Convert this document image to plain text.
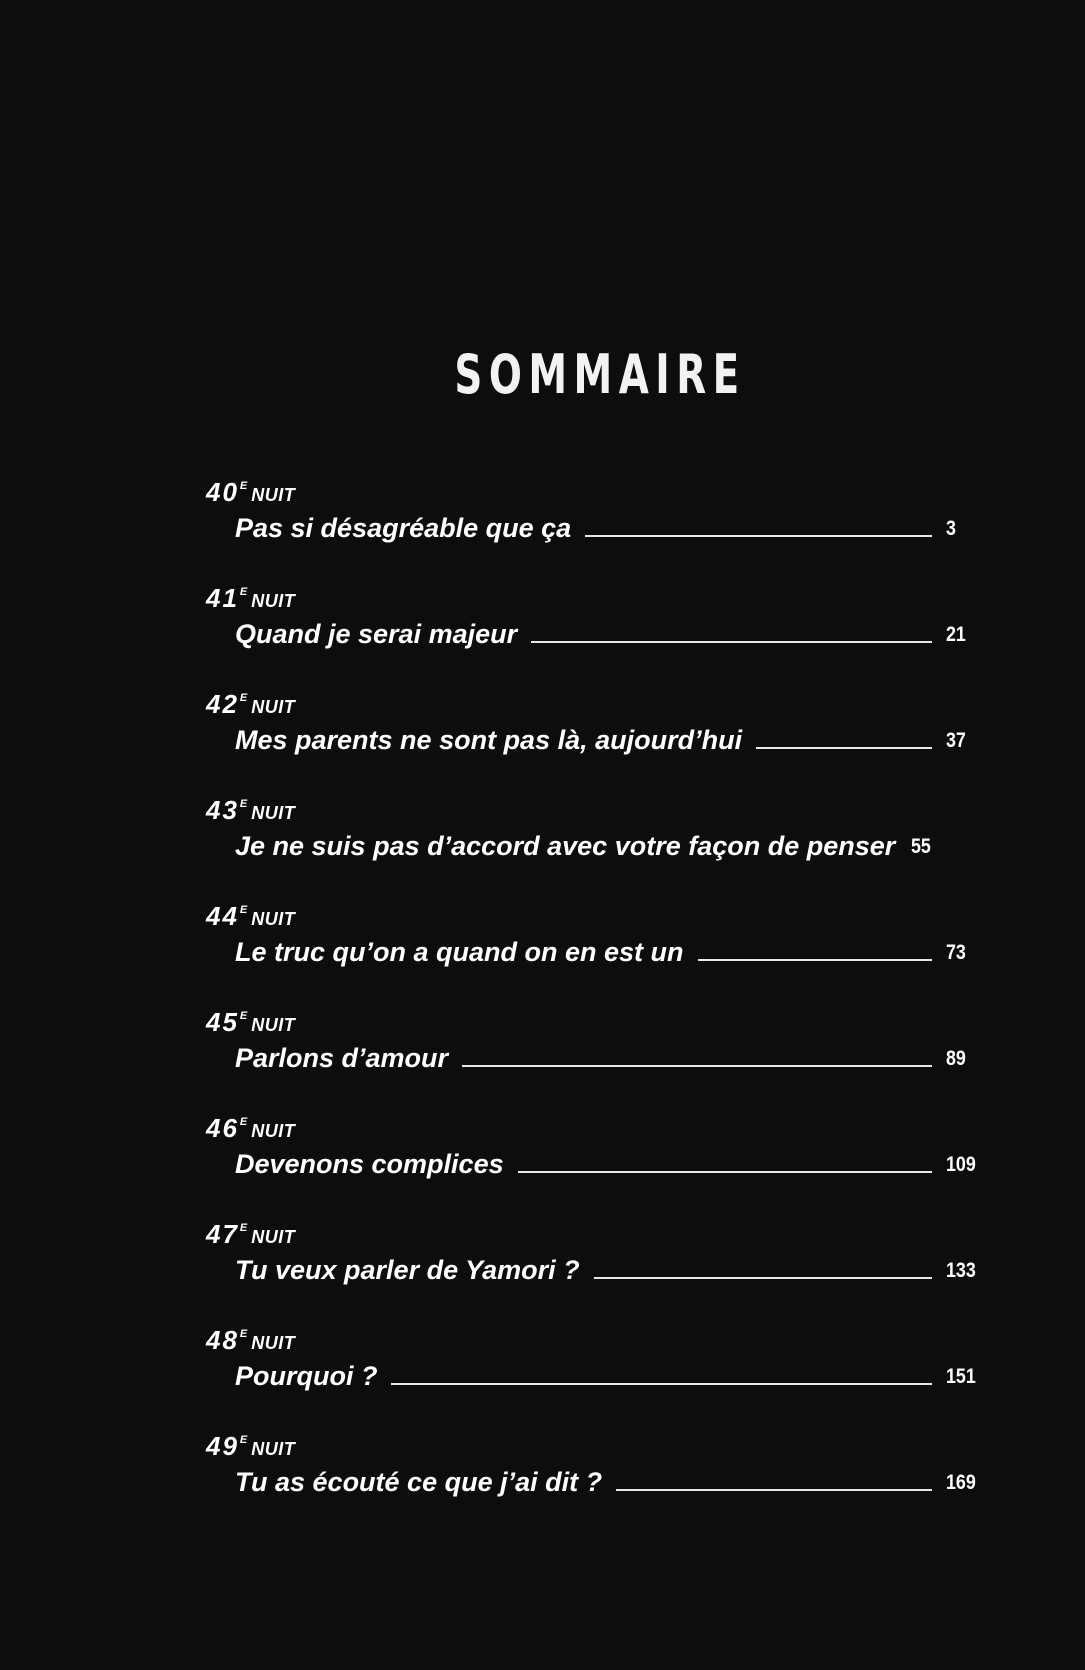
SOMMAIRE
$40^E$ NUIT
Pas si désagréable que ça	3
$41^E$ NUIT
Quand je serai majeur	21
$42^E$ NUIT
Mes parents ne sont pas là, aujourd’hui	37
$43^E$ NUIT
Je ne suis pas d’accord avec votre façon de penser 55
$44^E$ NUIT
Le truc qu’on a quand on en est un	73
$45^E$ NUIT
Parlons d’amour	89
$46^E$ NUIT
Devenons complices	109
$47^E$ NUIT
Tu veux parler de Yamori ?	133
$48^E$ NUIT
Pourquoi ?	151
$49^E$ NUIT
Tu as écouté ce que j’ai dit ?	169
